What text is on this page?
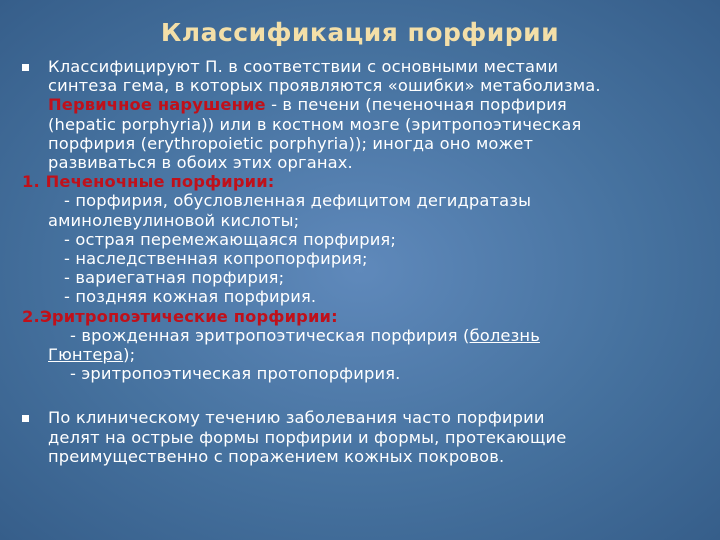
Классификация порфирии
Классифицируют П. в соответствии с основными местами
синтеза гема, в которых проявляются «ошибки» метаболизма.
Первичное нарушение - в печени (печеночная порфирия
(hepatic porphyria)) или в костном мозге (эритропоэтическая
порфирия (erythropoietic porphyria)); иногда оно может
развиваться в обоих этих органах.
1. Печеночные порфирии:
- порфирия, обусловленная дефицитом дегидратазы
аминолевулиновой кислоты;
- острая перемежающаяся порфирия;
- наследственная копропорфирия;
- вариегатная порфирия;
- поздняя кожная порфирия.
2.Эритропоэтические порфирии:
- врожденная эритропоэтическая порфирия (болезнь
Гюнтера);
- эритропоэтическая протопорфирия.
По клиническому течению заболевания часто порфирии
делят на острые формы порфирии и формы, протекающие
преимущественно с поражением кожных покровов.
